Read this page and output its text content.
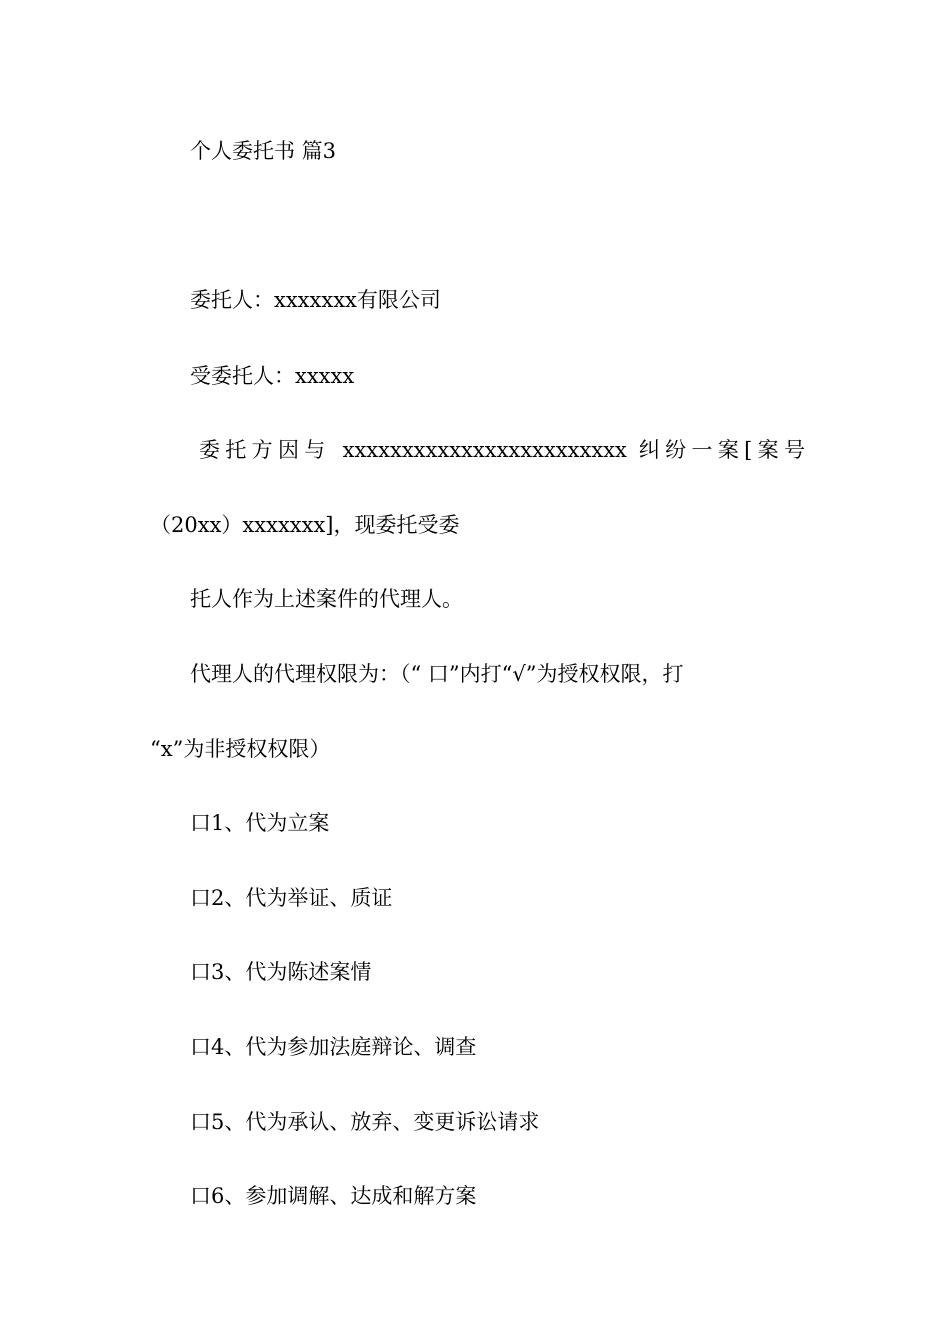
个人委托书 篇3
委托人：xxxxxxx有限公司
受委托人：xxxxx
委托方因与 xxxxxxxxxxxxxxxxxxxxxxxx 纠纷一案[案号
（20xx）xxxxxxx]，现委托受委
托人作为上述案件的代理人。
代理人的代理权限为：（“ 口”内打“√”为授权权限，打
“x”为非授权权限）
口1、代为立案
口2、代为举证、质证
口3、代为陈述案情
口4、代为参加法庭辩论、调查
口5、代为承认、放弃、变更诉讼请求
口6、参加调解、达成和解方案
